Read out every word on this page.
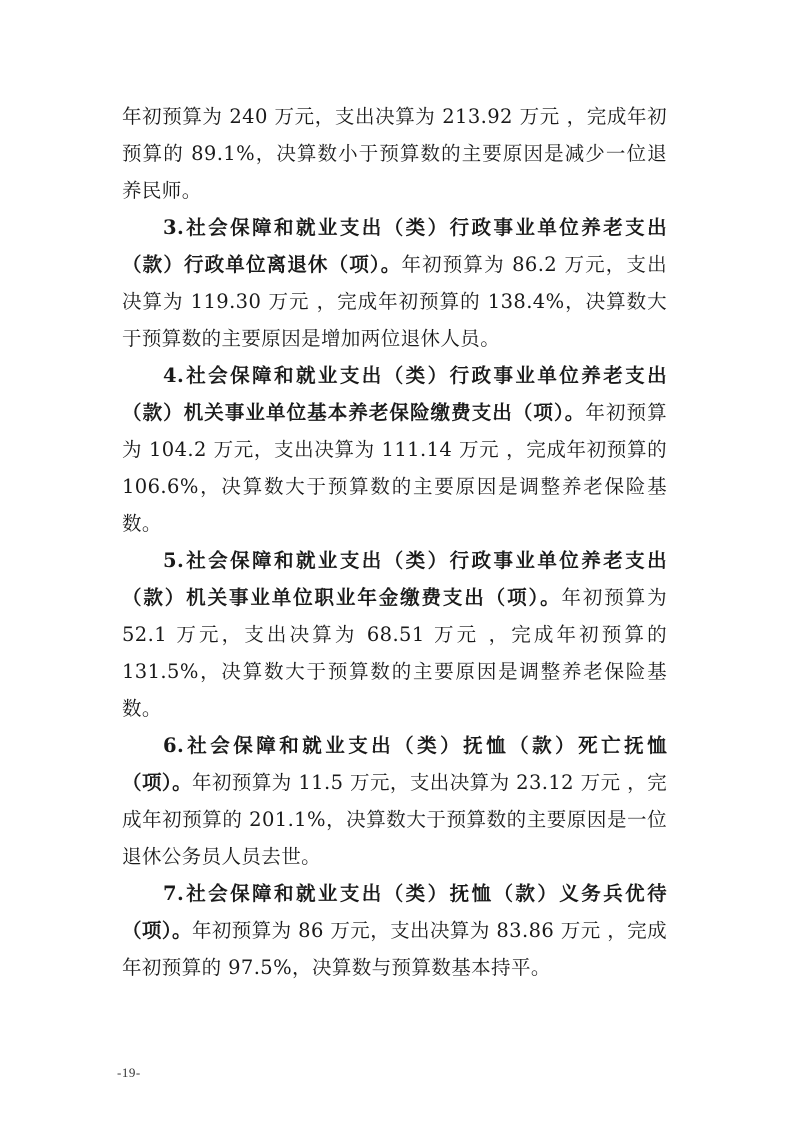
年初预算为 240 万元，支出决算为 213.92 万元 ，完成年初预算的 89.1%，决算数小于预算数的主要原因是减少一位退养民师。

3.社会保障和就业支出（类）行政事业单位养老支出（款）行政单位离退休（项）。年初预算为 86.2 万元，支出决算为 119.30 万元 ，完成年初预算的 138.4%，决算数大于预算数的主要原因是增加两位退休人员。

4.社会保障和就业支出（类）行政事业单位养老支出（款）机关事业单位基本养老保险缴费支出（项）。年初预算为 104.2 万元，支出决算为 111.14 万元 ，完成年初预算的 106.6%，决算数大于预算数的主要原因是调整养老保险基数。

5.社会保障和就业支出（类）行政事业单位养老支出（款）机关事业单位职业年金缴费支出（项）。年初预算为 52.1 万元，支出决算为 68.51 万元 ，完成年初预算的 131.5%，决算数大于预算数的主要原因是调整养老保险基数。

6.社会保障和就业支出（类）抚恤（款）死亡抚恤（项）。年初预算为 11.5 万元，支出决算为 23.12 万元 ，完成年初预算的 201.1%，决算数大于预算数的主要原因是一位退休公务员人员去世。

7.社会保障和就业支出（类）抚恤（款）义务兵优待（项）。年初预算为 86 万元，支出决算为 83.86 万元 ，完成年初预算的 97.5%，决算数与预算数基本持平。

-19-
